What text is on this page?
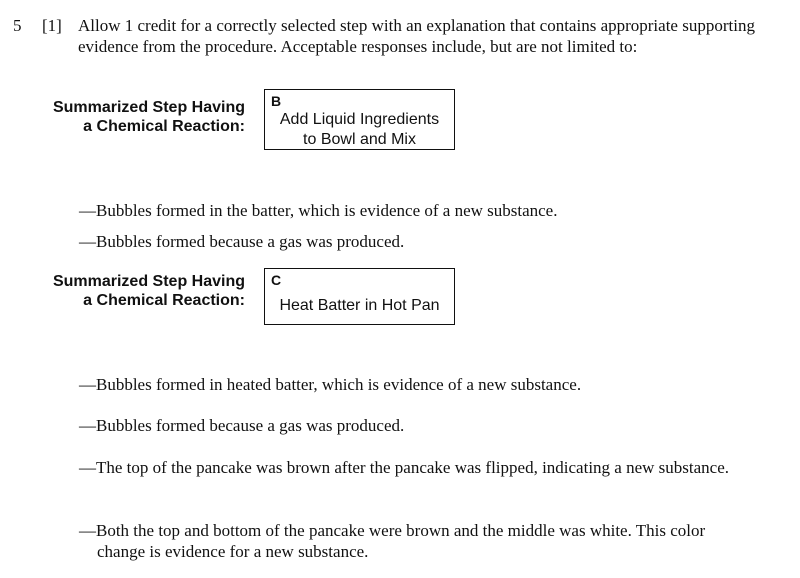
5 [1] Allow 1 credit for a correctly selected step with an explanation that contains appropriate supporting evidence from the procedure. Acceptable responses include, but are not limited to:
Summarized Step Having
a Chemical Reaction:
B
Add Liquid Ingredients
to Bowl and Mix
—Bubbles formed in the batter, which is evidence of a new substance.
—Bubbles formed because a gas was produced.
Summarized Step Having
a Chemical Reaction:
C
Heat Batter in Hot Pan
—Bubbles formed in heated batter, which is evidence of a new substance.
—Bubbles formed because a gas was produced.
—The top of the pancake was brown after the pancake was flipped, indicating a new substance.
—Both the top and bottom of the pancake were brown and the middle was white. This color change is evidence for a new substance.
